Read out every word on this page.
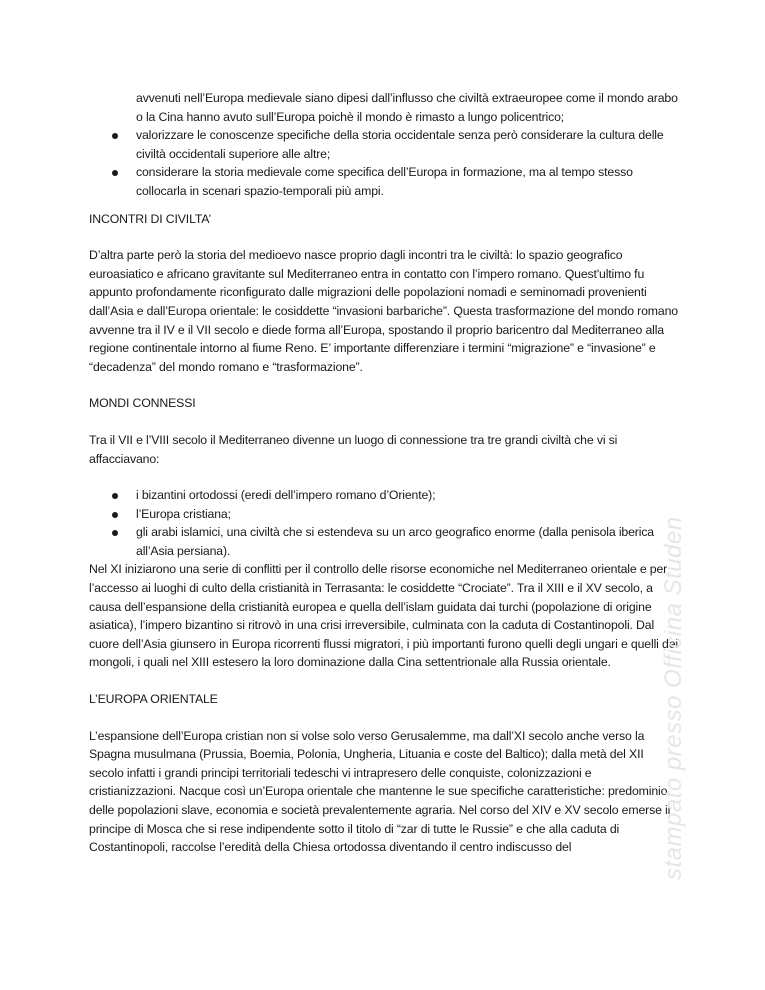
avvenuti nell’Europa medievale siano dipesi dall’influsso che civiltà extraeuropee come il mondo arabo o la Cina hanno avuto sull’Europa poichè il mondo è rimasto a lungo policentrico;
valorizzare le conoscenze specifiche della storia occidentale senza però considerare la cultura delle civiltà occidentali superiore alle altre;
considerare la storia medievale come specifica dell’Europa in formazione, ma al tempo stesso collocarla in scenari spazio-temporali più ampi.

INCONTRI DI CIVILTA’

D’altra parte però la storia del medioevo nasce proprio dagli incontri tra le civiltà: lo spazio geografico euroasiatico e africano gravitante sul Mediterraneo entra in contatto con l’impero romano. Quest'ultimo fu appunto profondamente riconfigurato dalle migrazioni delle popolazioni nomadi e seminomadi provenienti dall’Asia e dall’Europa orientale: le cosiddette “invasioni barbariche”. Questa trasformazione del mondo romano avvenne tra il IV e il VII secolo e diede forma all’Europa, spostando il proprio baricentro dal Mediterraneo alla regione continentale intorno al fiume Reno. E’ importante differenziare i termini “migrazione” e “invasione” e “decadenza” del mondo romano e “trasformazione”.

MONDI CONNESSI

Tra il VII e l’VIII secolo il Mediterraneo divenne un luogo di connessione tra tre grandi civiltà che vi si affacciavano:

i bizantini ortodossi (eredi dell’impero romano d’Oriente);
l’Europa cristiana;
gli arabi islamici, una civiltà che si estendeva su un arco geografico enorme (dalla penisola iberica all’Asia persiana).

Nel XI iniziarono una serie di conflitti per il controllo delle risorse economiche nel Mediterraneo orientale e per l’accesso ai luoghi di culto della cristianità in Terrasanta: le cosiddette “Crociate”. Tra il XIII e il XV secolo, a causa dell’espansione della cristianità europea e quella dell’islam guidata dai turchi (popolazione di origine asiatica), l’impero bizantino si ritrovò in una crisi irreversibile, culminata con la caduta di Costantinopoli. Dal cuore dell’Asia giunsero in Europa ricorrenti flussi migratori, i più importanti furono quelli degli ungari e quelli dei mongoli, i quali nel XIII estesero la loro dominazione dalla Cina settentrionale alla Russia orientale.

L’EUROPA ORIENTALE

L’espansione dell’Europa cristian non si volse solo verso Gerusalemme, ma dall’XI secolo anche verso la Spagna musulmana (Prussia, Boemia, Polonia, Ungheria, Lituania e coste del Baltico); dalla metà del XII secolo infatti i grandi principi territoriali tedeschi vi intrapresero delle conquiste, colonizzazioni e cristianizzazioni. Nacque così un’Europa orientale che mantenne le sue specifiche caratteristiche: predominio delle popolazioni slave, economia e società prevalentemente agraria. Nel corso del XIV e XV secolo emerse il principe di Mosca che si rese indipendente sotto il titolo di “zar di tutte le Russie” e che alla caduta di Costantinopoli, raccolse l’eredità della Chiesa ortodossa diventando il centro indiscusso del	stampato presso Officina Studen
